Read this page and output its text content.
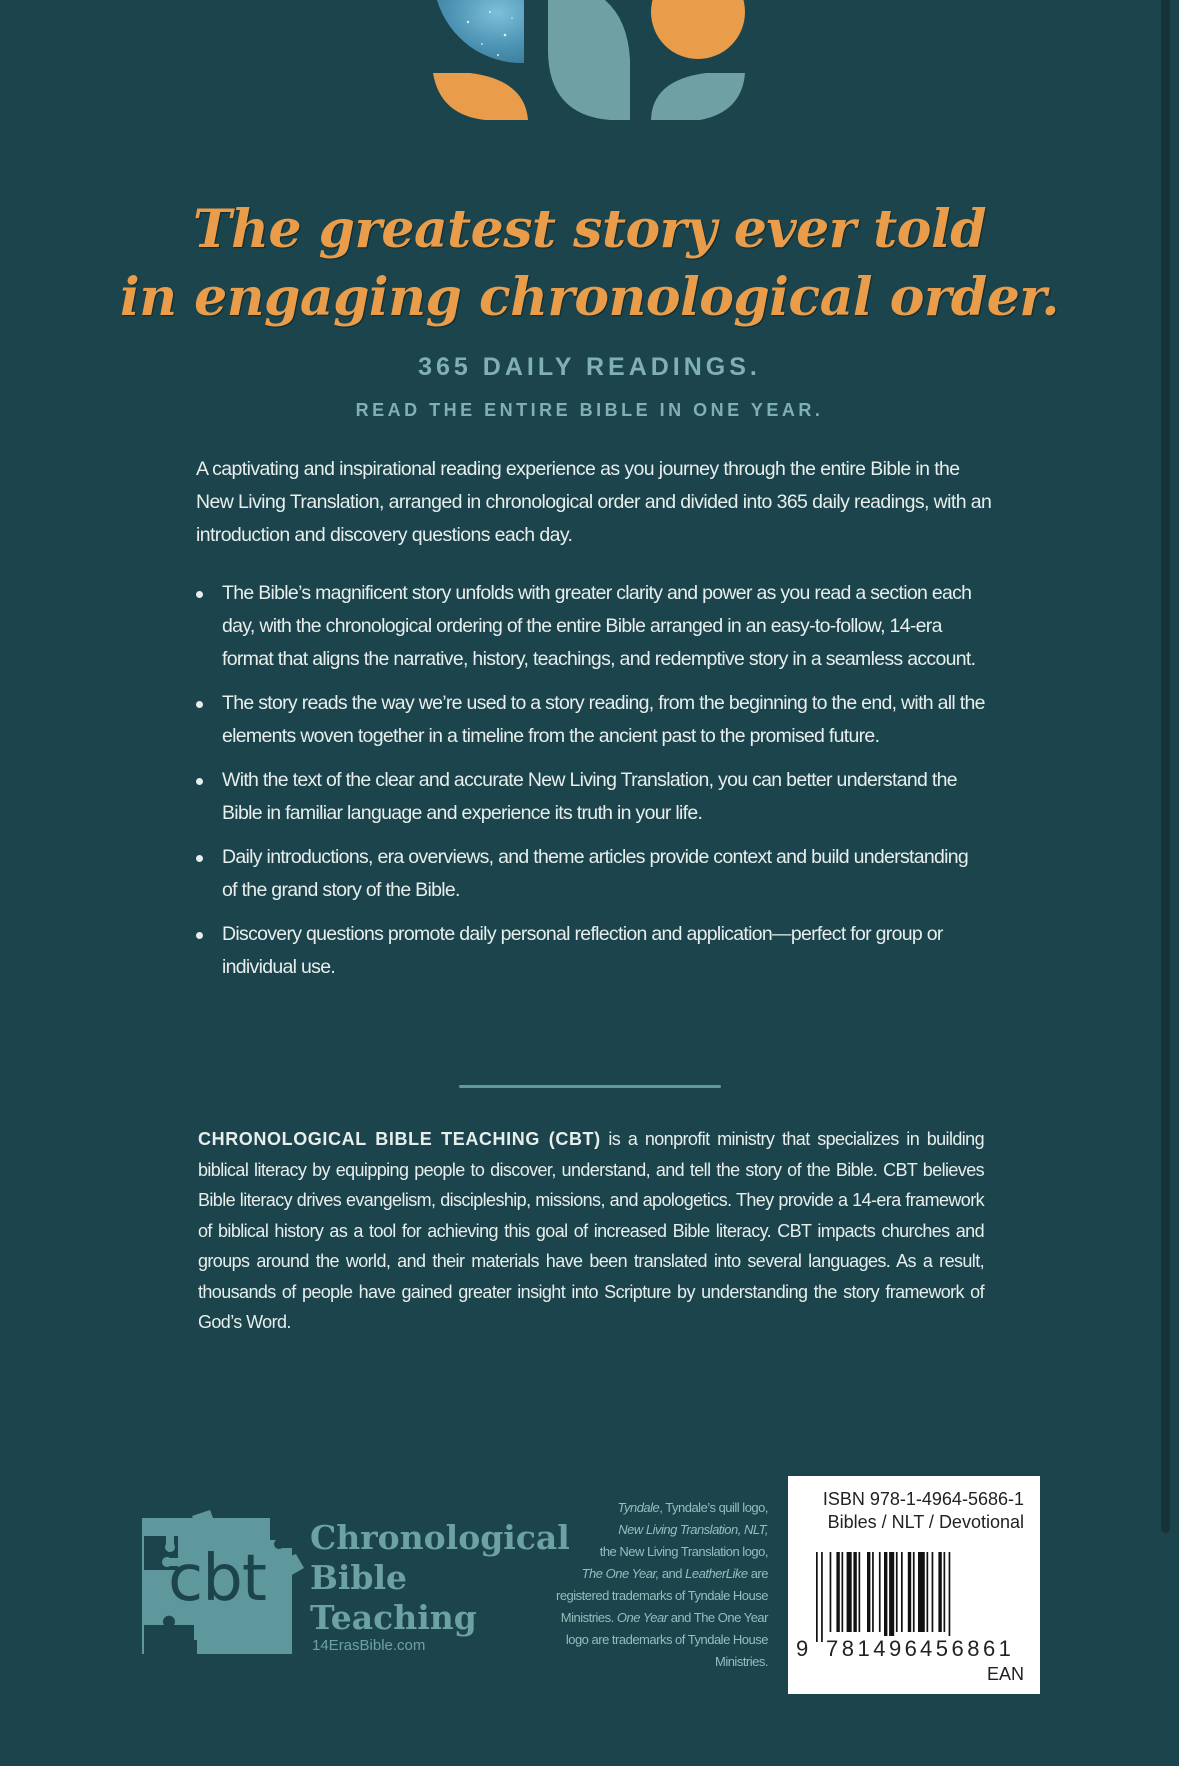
The greatest story ever told
in engaging chronological order.
365 DAILY READINGS.
READ THE ENTIRE BIBLE IN ONE YEAR.

A captivating and inspirational reading experience as you journey through the entire Bible in the New Living Translation, arranged in chronological order and divided into 365 daily readings, with an introduction and discovery questions each day.

The Bible’s magnificent story unfolds with greater clarity and power as you read a section each day, with the chronological ordering of the entire Bible arranged in an easy-to-follow, 14-era format that aligns the narrative, history, teachings, and redemptive story in a seamless account.
The story reads the way we’re used to a story reading, from the beginning to the end, with all the elements woven together in a timeline from the ancient past to the promised future.
With the text of the clear and accurate New Living Translation, you can better understand the Bible in familiar language and experience its truth in your life.
Daily introductions, era overviews, and theme articles provide context and build understanding of the grand story of the Bible.
Discovery questions promote daily personal reflection and application—perfect for group or individual use.

CHRONOLOGICAL BIBLE TEACHING (CBT) is a nonprofit ministry that specializes in building biblical literacy by equipping people to discover, understand, and tell the story of the Bible. CBT believes Bible literacy drives evangelism, discipleship, missions, and apologetics. They provide a 14-era framework of biblical history as a tool for achieving this goal of increased Bible literacy. CBT impacts churches and groups around the world, and their materials have been translated into several languages. As a result, thousands of people have gained greater insight into Scripture by understanding the story framework of God’s Word.

cbt
Chronological
Bible
Teaching
14ErasBible.com
Tyndale, Tyndale’s quill logo,
New Living Translation, NLT,
the New Living Translation logo,
The One Year, and LeatherLike are registered trademarks of Tyndale House Ministries. One Year and The One Year logo are trademarks of Tyndale House Ministries.
ISBN 978-1-4964-5686-1
Bibles / NLT / Devotional
9 781496 456861
EAN
